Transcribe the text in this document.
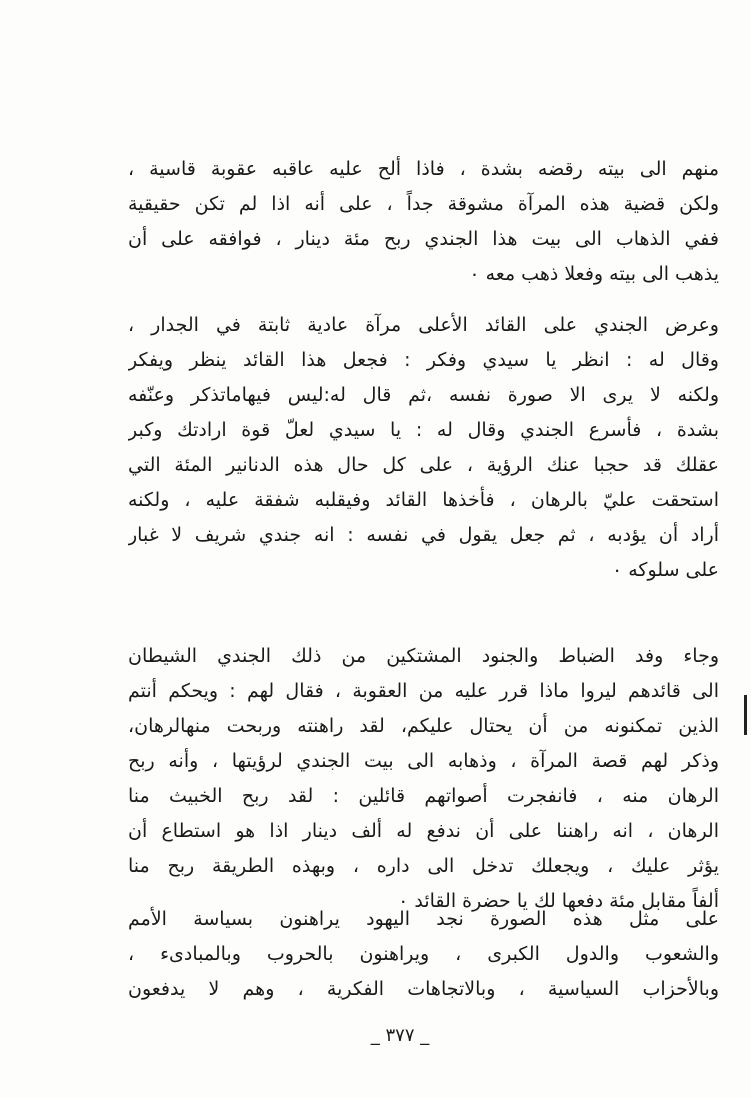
منهم الى بيته رقضه بشدة ، فاذا ألح عليه عاقبه عقوبة قاسية ،
ولكن قضية هذه المرآة مشوقة جداً ، على أنه اذا لم تكن حقيقية
ففي الذهاب الى بيت هذا الجندي ربح مئة دينار ، فوافقه على أن
يذهب الى بيته وفعلا ذهب معه ٠
وعرض الجندي على القائد الأعلى مرآة عادية ثابتة في الجدار ،
وقال له : انظر يا سيدي وفكر : فجعل هذا القائد ينظر ويفكر
ولكنه لا يرى الا صورة نفسه ،ثم قال له:ليس فيهاماتذكر وعنّفه
بشدة ، فأسرع الجندي وقال له : يا سيدي لعلّ قوة ارادتك وكبر
عقلك قد حجبا عنك الرؤية ، على كل حال هذه الدنانير المئة التي
استحقت عليّ بالرهان ، فأخذها القائد وفيقلبه شفقة عليه ، ولكنه
أراد أن يؤدبه ، ثم جعل يقول في نفسه : انه جندي شريف لا غبار
على سلوكه ٠
وجاء وفد الضباط والجنود المشتكين من ذلك الجندي الشيطان
الى قائدهم ليروا ماذا قرر عليه من العقوبة ، فقال لهم : ويحكم أنتم
الذين تمكنونه من أن يحتال عليكم، لقد راهنته وربحت منهالرهان،
وذكر لهم قصة المرآة ، وذهابه الى بيت الجندي لرؤيتها ، وأنه ربح
الرهان منه ، فانفجرت أصواتهم قائلين : لقد ربح الخبيث منا
الرهان ، انه راهننا على أن ندفع له ألف دينار اذا هو استطاع أن
يؤثر عليك ، ويجعلك تدخل الى داره ، وبهذه الطريقة ربح منا
ألفاً مقابل مئة دفعها لك يا حضرة القائد ٠
على مثل هذه الصورة نجد اليهود يراهنون بسياسة الأمم
والشعوب والدول الكبرى ، ويراهنون بالحروب وبالمبادىء ،
وبالأحزاب السياسية ، وبالاتجاهات الفكرية ، وهم لا يدفعون
_ ٣٧٧ _
